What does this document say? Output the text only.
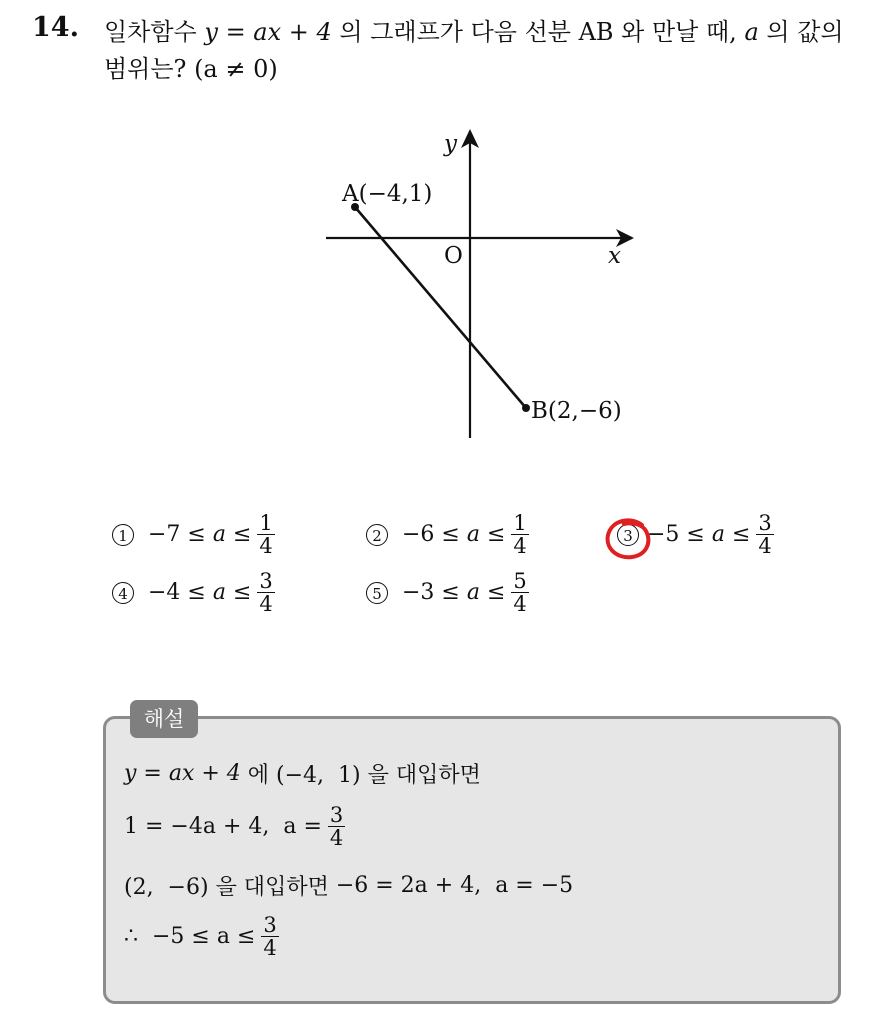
14. 일차함수 y = ax + 4 의 그래프가 다음 선분 AB 와 만날 때, a 의 값의 범위는? (a ≠ 0)
y
x
O
A(−4,1)
B(2,−6)
$1 -7 \le a \le \frac{1}{4}$	$2 -6 \le a \le \frac{1}{4}$	$3 -5 \le a \le \frac{3}{4}$
$4 -4 \le a \le \frac{3}{4}$	$5 -3 \le a \le \frac{5}{4}$
해설
y = ax + 4 에 (−4,  1) 을 대입하면
1 = −4a + 4,  $a = \frac{3}{4}$
(2,  −6) 을 대입하면 −6 = 2a + 4,  a = −5
∴  $-5 \le a \le \frac{3}{4}$
